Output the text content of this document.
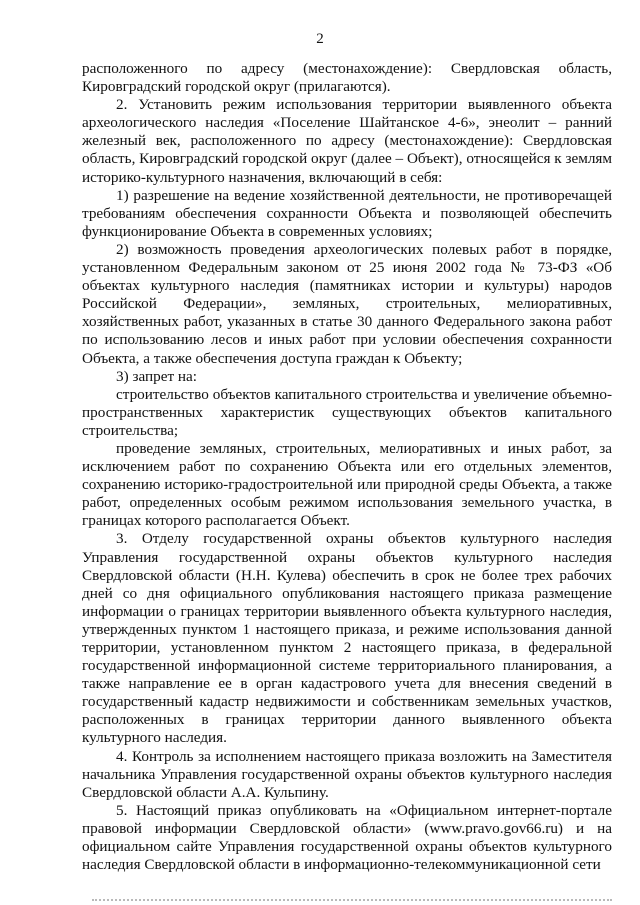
2

расположенного по адресу (местонахождение): Свердловская область, Кировградский городской округ (прилагаются).

2. Установить режим использования территории выявленного объекта археологического наследия «Поселение Шайтанское 4-6», энеолит – ранний железный век, расположенного по адресу (местонахождение): Свердловская область, Кировградский городской округ (далее – Объект), относящейся к землям историко-культурного назначения, включающий в себя:

1) разрешение на ведение хозяйственной деятельности, не противоречащей требованиям обеспечения сохранности Объекта и позволяющей обеспечить функционирование Объекта в современных условиях;

2) возможность проведения археологических полевых работ в порядке, установленном Федеральным законом от 25 июня 2002 года № 73-ФЗ «Об объектах культурного наследия (памятниках истории и культуры) народов Российской Федерации», земляных, строительных, мелиоративных, хозяйственных работ, указанных в статье 30 данного Федерального закона работ по использованию лесов и иных работ при условии обеспечения сохранности Объекта, а также обеспечения доступа граждан к Объекту;

3) запрет на:

строительство объектов капитального строительства и увеличение объемно-пространственных характеристик существующих объектов капитального строительства;

проведение земляных, строительных, мелиоративных и иных работ, за исключением работ по сохранению Объекта или его отдельных элементов, сохранению историко-градостроительной или природной среды Объекта, а также работ, определенных особым режимом использования земельного участка, в границах которого располагается Объект.

3. Отделу государственной охраны объектов культурного наследия Управления государственной охраны объектов культурного наследия Свердловской области (Н.Н. Кулева) обеспечить в срок не более трех рабочих дней со дня официального опубликования настоящего приказа размещение информации о границах территории выявленного объекта культурного наследия, утвержденных пунктом 1 настоящего приказа, и режиме использования данной территории, установленном пунктом 2 настоящего приказа, в федеральной государственной информационной системе территориального планирования, а также направление ее в орган кадастрового учета для внесения сведений в государственный кадастр недвижимости и собственникам земельных участков, расположенных в границах территории данного выявленного объекта культурного наследия.

4. Контроль за исполнением настоящего приказа возложить на Заместителя начальника Управления государственной охраны объектов культурного наследия Свердловской области А.А. Кульпину.

5. Настоящий приказ опубликовать на «Официальном интернет-портале правовой информации Свердловской области» (www.pravo.gov66.ru) и на официальном сайте Управления государственной охраны объектов культурного наследия Свердловской области в информационно-телекоммуникационной сети
